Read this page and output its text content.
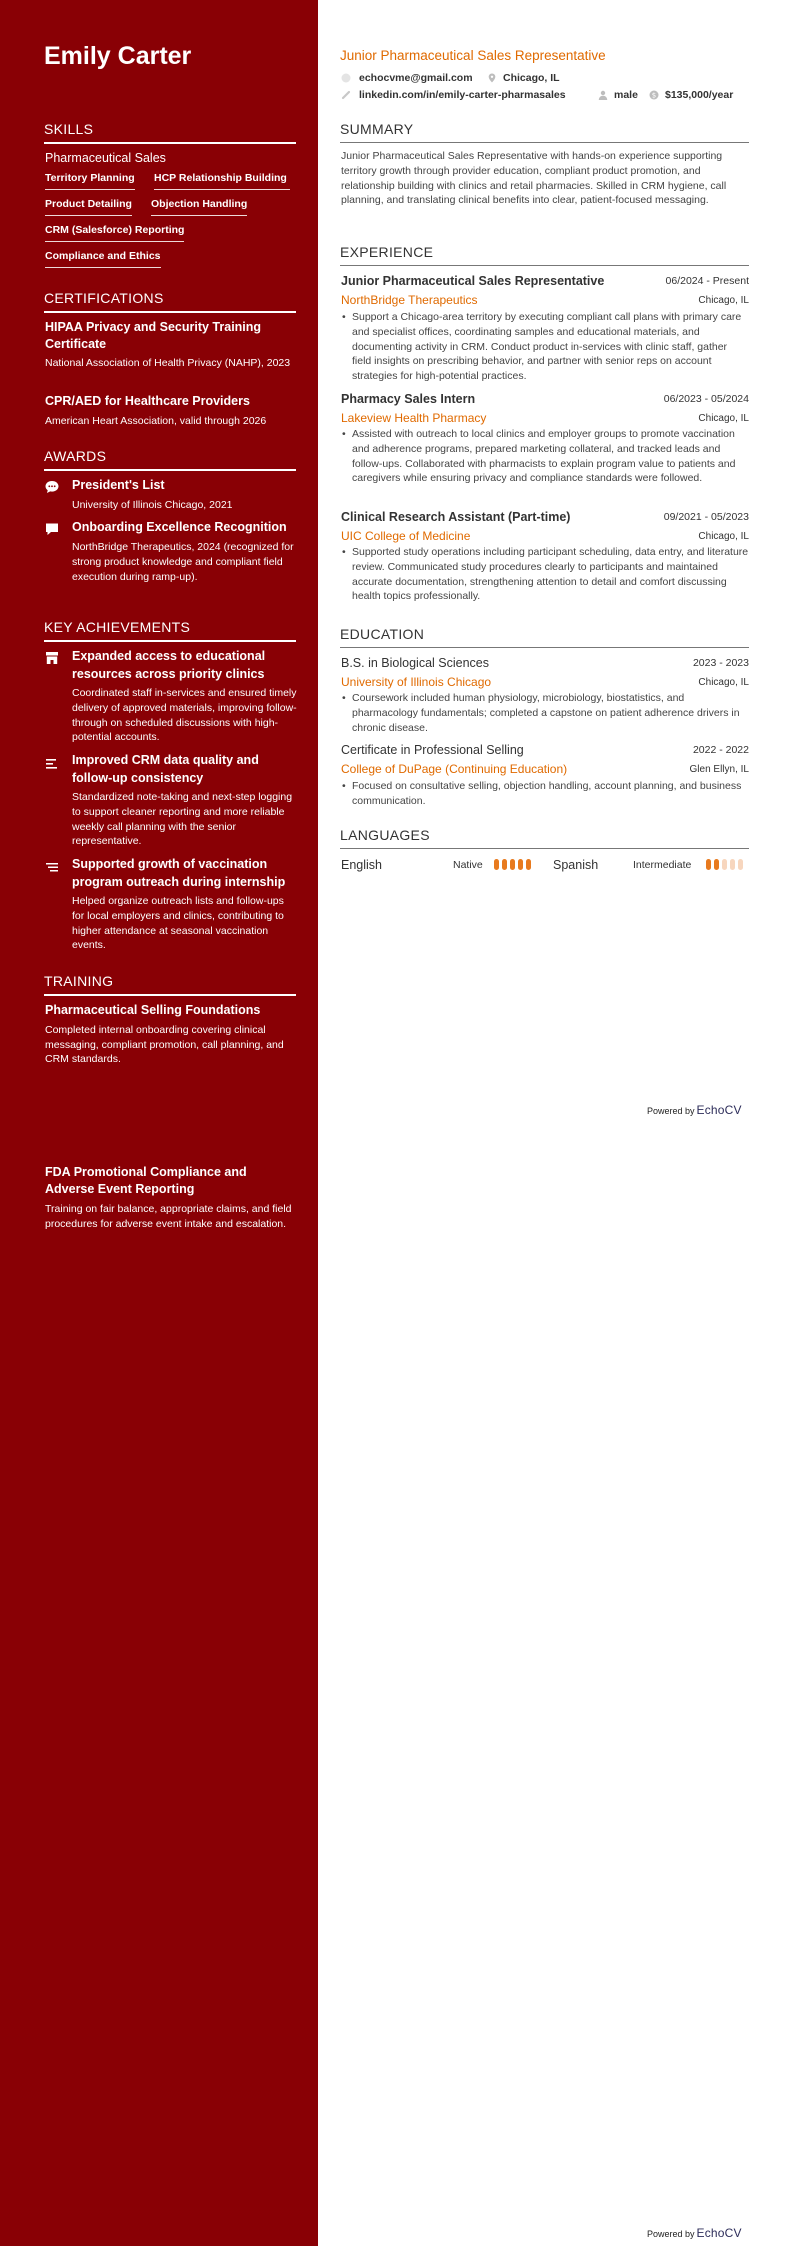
Emily Carter
SKILLS
Pharmaceutical Sales
Territory Planning HCP Relationship Building
Product Detailing Objection Handling
CRM (Salesforce) Reporting
Compliance and Ethics
CERTIFICATIONS
HIPAA Privacy and Security Training Certificate
National Association of Health Privacy (NAHP), 2023
CPR/AED for Healthcare Providers
American Heart Association, valid through 2026
AWARDS
President's List
University of Illinois Chicago, 2021
Onboarding Excellence Recognition
NorthBridge Therapeutics, 2024 (recognized for strong product knowledge and compliant field execution during ramp-up).
KEY ACHIEVEMENTS
Expanded access to educational resources across priority clinics
Coordinated staff in-services and ensured timely delivery of approved materials, improving follow-through on scheduled discussions with high-potential accounts.
Improved CRM data quality and follow-up consistency
Standardized note-taking and next-step logging to support cleaner reporting and more reliable weekly call planning with the senior representative.
Supported growth of vaccination program outreach during internship
Helped organize outreach lists and follow-ups for local employers and clinics, contributing to higher attendance at seasonal vaccination events.
TRAINING
Pharmaceutical Selling Foundations
Completed internal onboarding covering clinical messaging, compliant promotion, call planning, and CRM standards.
FDA Promotional Compliance and Adverse Event Reporting
Training on fair balance, appropriate claims, and field procedures for adverse event intake and escalation.
Junior Pharmaceutical Sales Representative
echocvme@gmail.com	Chicago, IL
linkedin.com/in/emily-carter-pharmasales	male $ $135,000/year
SUMMARY
Junior Pharmaceutical Sales Representative with hands-on experience supporting territory growth through provider education, compliant product promotion, and relationship building with clinics and retail pharmacies. Skilled in CRM hygiene, call planning, and translating clinical benefits into clear, patient-focused messaging.
EXPERIENCE
Junior Pharmaceutical Sales Representative	06/2024 - Present
NorthBridge Therapeutics	Chicago, IL
• Support a Chicago-area territory by executing compliant call plans with primary care and specialist offices, coordinating samples and educational materials, and documenting activity in CRM. Conduct product in-services with clinic staff, gather field insights on prescribing behavior, and partner with senior reps on account strategies for high-potential practices.
Pharmacy Sales Intern	06/2023 - 05/2024
Lakeview Health Pharmacy	Chicago, IL
• Assisted with outreach to local clinics and employer groups to promote vaccination and adherence programs, prepared marketing collateral, and tracked leads and follow-ups. Collaborated with pharmacists to explain program value to patients and caregivers while ensuring privacy and compliance standards were followed.
Clinical Research Assistant (Part-time)	09/2021 - 05/2023
UIC College of Medicine	Chicago, IL
• Supported study operations including participant scheduling, data entry, and literature review. Communicated study procedures clearly to participants and maintained accurate documentation, strengthening attention to detail and comfort discussing health topics professionally.
EDUCATION
B.S. in Biological Sciences	2023 - 2023
University of Illinois Chicago	Chicago, IL
• Coursework included human physiology, microbiology, biostatistics, and pharmacology fundamentals; completed a capstone on patient adherence drivers in chronic disease.
Certificate in Professional Selling	2022 - 2022
College of DuPage (Continuing Education)	Glen Ellyn, IL
• Focused on consultative selling, objection handling, account planning, and business communication.
LANGUAGES
English	Native	Spanish	Intermediate
Powered by EchoCV
Powered by EchoCV
